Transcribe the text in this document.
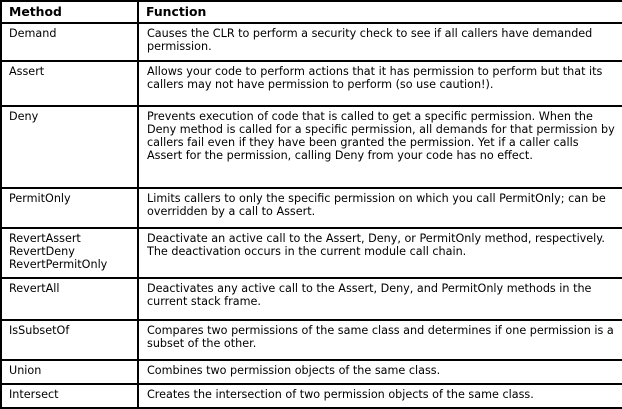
Method	Function

Demand	Causes the CLR to perform a security check to see if all callers have demanded permission.

Assert	Allows your code to perform actions that it has permission to perform but that its callers may not have permission to perform (so use caution!).

Deny	Prevents execution of code that is called to get a specific permission. When the Deny method is called for a specific permission, all demands for that permission by callers fail even if they have been granted the permission. Yet if a caller calls Assert for the permission, calling Deny from your code has no effect.

PermitOnly	Limits callers to only the specific permission on which you call PermitOnly; can be overridden by a call to Assert.

RevertAssert
RevertDeny
RevertPermitOnly	Deactivate an active call to the Assert, Deny, or PermitOnly method, respectively. The deactivation occurs in the current module call chain.

RevertAll	Deactivates any active call to the Assert, Deny, and PermitOnly methods in the current stack frame.

IsSubsetOf	Compares two permissions of the same class and determines if one permission is a subset of the other.

Union	Combines two permission objects of the same class.

Intersect	Creates the intersection of two permission objects of the same class.
